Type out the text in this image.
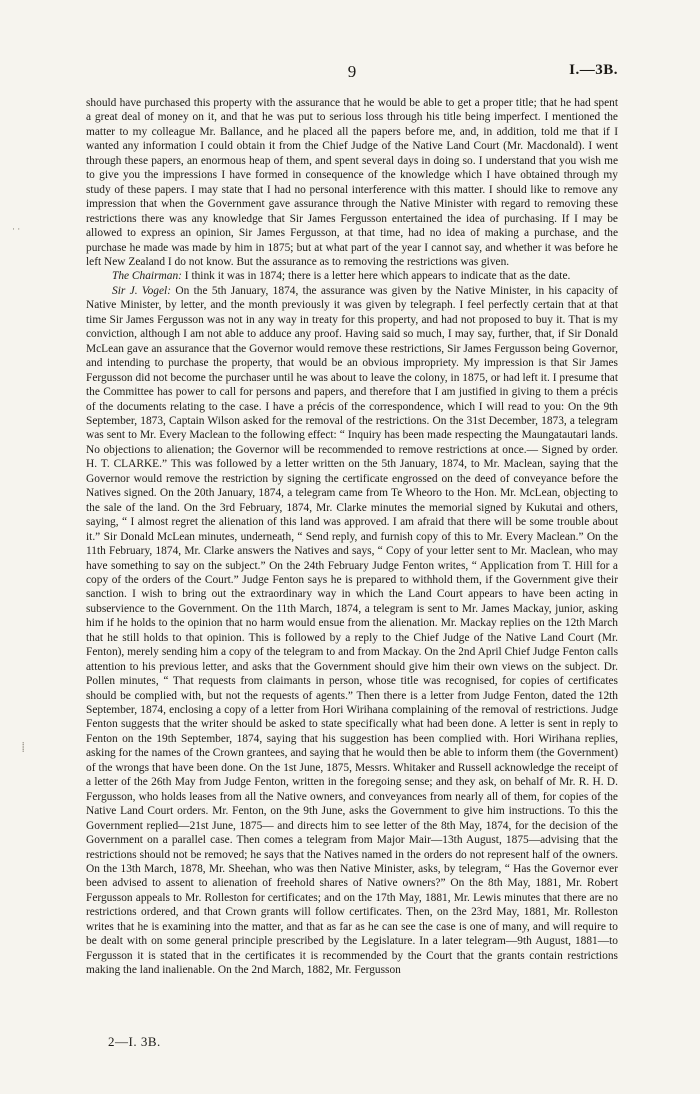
9	I.—3B.
· ·
⸽

should have purchased this property with the assurance that he would be able to get a proper title; that he had spent a great deal of money on it, and that he was put to serious loss through his title being imperfect. I mentioned the matter to my colleague Mr. Ballance, and he placed all the papers before me, and, in addition, told me that if I wanted any information I could obtain it from the Chief Judge of the Native Land Court (Mr. Macdonald). I went through these papers, an enormous heap of them, and spent several days in doing so. I understand that you wish me to give you the impressions I have formed in consequence of the knowledge which I have obtained through my study of these papers. I may state that I had no personal interference with this matter. I should like to remove any impression that when the Government gave assurance through the Native Minister with regard to removing these restrictions there was any knowledge that Sir James Fergusson entertained the idea of purchasing. If I may be allowed to express an opinion, Sir James Fergusson, at that time, had no idea of making a purchase, and the purchase he made was made by him in 1875; but at what part of the year I cannot say, and whether it was before he left New Zealand I do not know. But the assurance as to removing the restrictions was given.

The Chairman: I think it was in 1874; there is a letter here which appears to indicate that as the date.

Sir J. Vogel: On the 5th January, 1874, the assurance was given by the Native Minister, in his capacity of Native Minister, by letter, and the month previously it was given by telegraph. I feel perfectly certain that at that time Sir James Fergusson was not in any way in treaty for this property, and had not proposed to buy it. That is my conviction, although I am not able to adduce any proof. Having said so much, I may say, further, that, if Sir Donald McLean gave an assurance that the Governor would remove these restrictions, Sir James Fergusson being Governor, and intending to purchase the property, that would be an obvious impropriety. My impression is that Sir James Fergusson did not become the purchaser until he was about to leave the colony, in 1875, or had left it. I presume that the Committee has power to call for persons and papers, and therefore that I am justified in giving to them a précis of the documents relating to the case. I have a précis of the correspondence, which I will read to you: On the 9th September, 1873, Captain Wilson asked for the removal of the restrictions. On the 31st December, 1873, a telegram was sent to Mr. Every Maclean to the following effect: “ Inquiry has been made respecting the Maungatautari lands. No objections to alienation; the Governor will be recommended to remove restrictions at once.— Signed by order. H. T. CLARKE.” This was followed by a letter written on the 5th January, 1874, to Mr. Maclean, saying that the Governor would remove the restriction by signing the certificate engrossed on the deed of conveyance before the Natives signed. On the 20th January, 1874, a telegram came from Te Wheoro to the Hon. Mr. McLean, objecting to the sale of the land. On the 3rd February, 1874, Mr. Clarke minutes the memorial signed by Kukutai and others, saying, “ I almost regret the alienation of this land was approved. I am afraid that there will be some trouble about it.” Sir Donald McLean minutes, underneath, “ Send reply, and furnish copy of this to Mr. Every Maclean.” On the 11th February, 1874, Mr. Clarke answers the Natives and says, “ Copy of your letter sent to Mr. Maclean, who may have something to say on the subject.” On the 24th February Judge Fenton writes, “ Application from T. Hill for a copy of the orders of the Court.” Judge Fenton says he is prepared to withhold them, if the Government give their sanction. I wish to bring out the extraordinary way in which the Land Court appears to have been acting in subservience to the Government. On the 11th March, 1874, a telegram is sent to Mr. James Mackay, junior, asking him if he holds to the opinion that no harm would ensue from the alienation. Mr. Mackay replies on the 12th March that he still holds to that opinion. This is followed by a reply to the Chief Judge of the Native Land Court (Mr. Fenton), merely sending him a copy of the telegram to and from Mackay. On the 2nd April Chief Judge Fenton calls attention to his previous letter, and asks that the Government should give him their own views on the subject. Dr. Pollen minutes, “ That requests from claimants in person, whose title was recognised, for copies of certificates should be complied with, but not the requests of agents.” Then there is a letter from Judge Fenton, dated the 12th September, 1874, enclosing a copy of a letter from Hori Wirihana complaining of the removal of restrictions. Judge Fenton suggests that the writer should be asked to state specifically what had been done. A letter is sent in reply to Fenton on the 19th September, 1874, saying that his suggestion has been complied with. Hori Wirihana replies, asking for the names of the Crown grantees, and saying that he would then be able to inform them (the Government) of the wrongs that have been done. On the 1st June, 1875, Messrs. Whitaker and Russell acknowledge the receipt of a letter of the 26th May from Judge Fenton, written in the foregoing sense; and they ask, on behalf of Mr. R. H. D. Fergusson, who holds leases from all the Native owners, and conveyances from nearly all of them, for copies of the Native Land Court orders. Mr. Fenton, on the 9th June, asks the Government to give him instructions. To this the Government replied—21st June, 1875— and directs him to see letter of the 8th May, 1874, for the decision of the Government on a parallel case. Then comes a telegram from Major Mair—13th August, 1875—advising that the restrictions should not be removed; he says that the Natives named in the orders do not represent half of the owners. On the 13th March, 1878, Mr. Sheehan, who was then Native Minister, asks, by telegram, “ Has the Governor ever been advised to assent to alienation of freehold shares of Native owners?” On the 8th May, 1881, Mr. Robert Fergusson appeals to Mr. Rolleston for certificates; and on the 17th May, 1881, Mr. Lewis minutes that there are no restrictions ordered, and that Crown grants will follow certificates. Then, on the 23rd May, 1881, Mr. Rolleston writes that he is examining into the matter, and that as far as he can see the case is one of many, and will require to be dealt with on some general principle prescribed by the Legislature. In a later telegram—9th August, 1881—to Fergusson it is stated that in the certificates it is recommended by the Court that the grants contain restrictions making the land inalienable. On the 2nd March, 1882, Mr. Fergusson

2—I. 3B.
